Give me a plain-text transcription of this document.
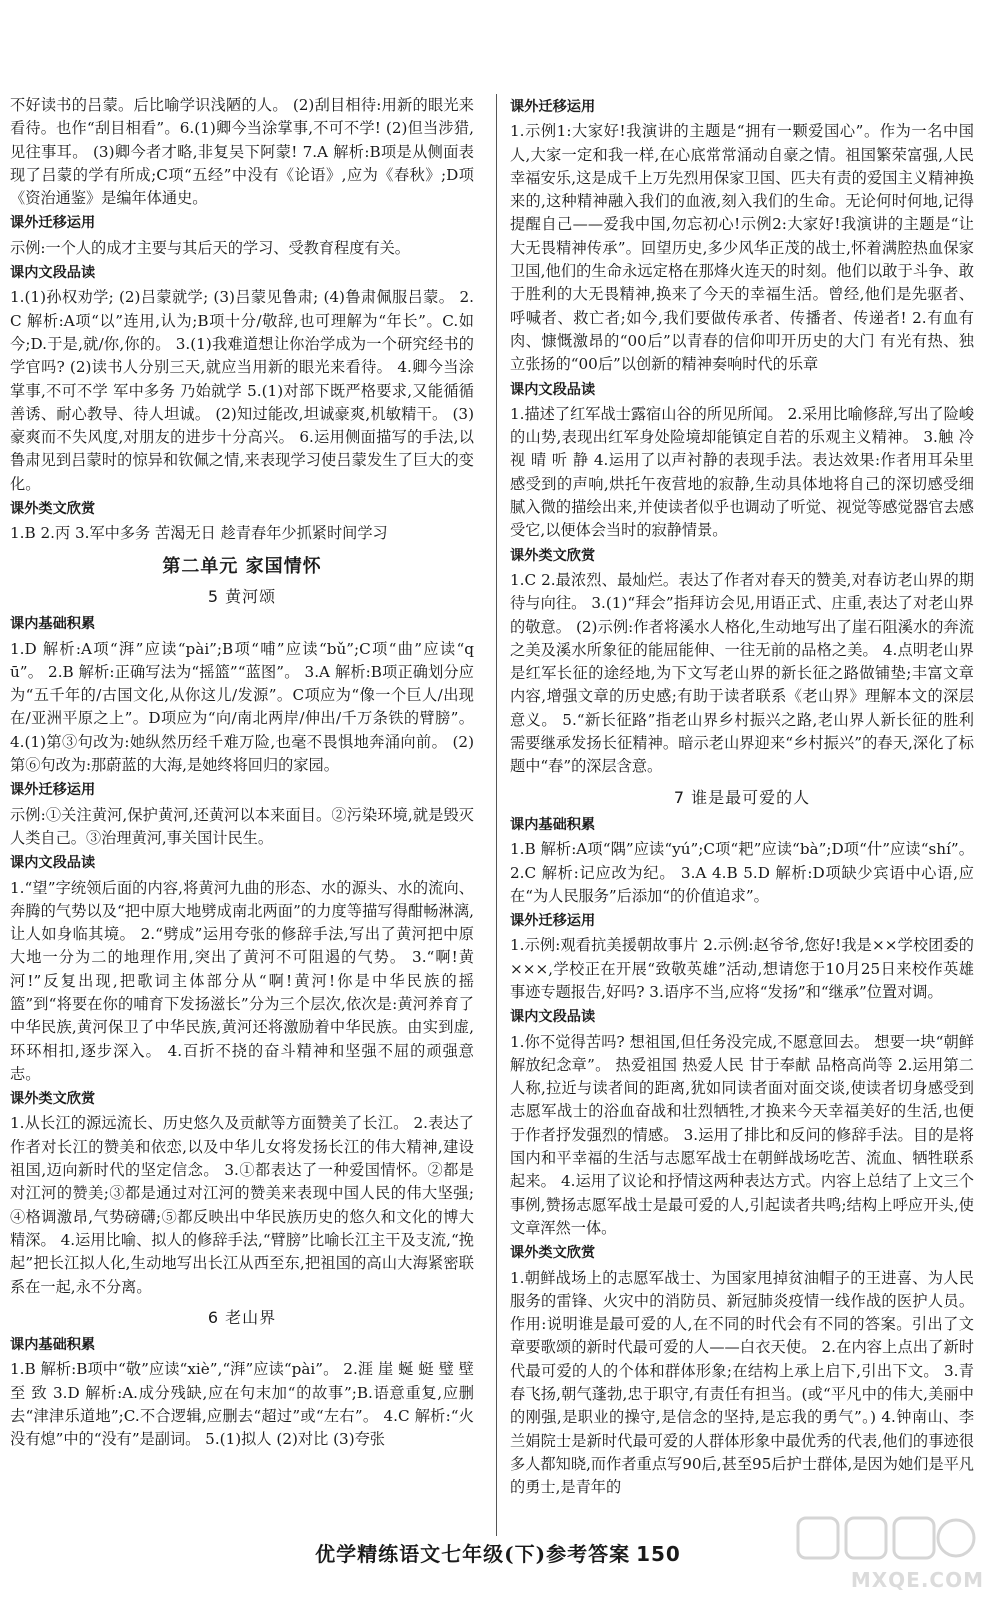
不好读书的吕蒙。后比喻学识浅陋的人。 (2)刮目相待:用新的眼光来看待。也作“刮目相看”。6.(1)卿今当涂掌事,不可不学! (2)但当涉猎,见往事耳。 (3)卿今者才略,非复吴下阿蒙! 7.A 解析:B项是从侧面表现了吕蒙的学有所成;C项“五经”中没有《论语》,应为《春秋》;D项《资治通鉴》是编年体通史。
课外迁移运用
示例:一个人的成才主要与其后天的学习、受教育程度有关。
课内文段品读
1.(1)孙权劝学; (2)吕蒙就学; (3)吕蒙见鲁肃; (4)鲁肃佩服吕蒙。 2.C 解析:A项“以”连用,认为;B项十分/敬辞,也可理解为“年长”。C.如今;D.于是,就/你,你的。 3.(1)我难道想让你治学成为一个研究经书的学官吗? (2)读书人分别三天,就应当用新的眼光来看待。 4.卿今当涂掌事,不可不学 军中多务 乃始就学 5.(1)对部下既严格要求,又能循循善诱、耐心教导、待人坦诚。 (2)知过能改,坦诚豪爽,机敏精干。 (3)豪爽而不失风度,对朋友的进步十分高兴。 6.运用侧面描写的手法,以鲁肃见到吕蒙时的惊异和钦佩之情,来表现学习使吕蒙发生了巨大的变化。
课外类文欣赏
1.B 2.丙 3.军中多务 苦渴无日 趁青春年少抓紧时间学习
第二单元 家国情怀
5 黄河颂
课内基础积累
1.D 解析:A项“湃”应读“pài”;B项“哺”应读“bǔ”;C项“曲”应读“qū”。 2.B 解析:正确写法为“摇篮”“蓝图”。 3.A 解析:B项正确划分应为“五千年的/古国文化,从你这儿/发源”。C项应为“像一个巨人/出现在/亚洲平原之上”。D项应为“向/南北两岸/伸出/千万条铁的臂膀”。 4.(1)第③句改为:她纵然历经千难万险,也毫不畏惧地奔涌向前。 (2)第⑥句改为:那蔚蓝的大海,是她终将回归的家园。
课外迁移运用
示例:①关注黄河,保护黄河,还黄河以本来面目。②污染环境,就是毁灭人类自己。③治理黄河,事关国计民生。
课内文段品读
1.“望”字统领后面的内容,将黄河九曲的形态、水的源头、水的流向、奔腾的气势以及“把中原大地劈成南北两面”的力度等描写得酣畅淋漓,让人如身临其境。 2.“劈成”运用夸张的修辞手法,写出了黄河把中原大地一分为二的地理作用,突出了黄河不可阻遏的气势。 3.“啊!黄河!”反复出现,把歌词主体部分从“啊!黄河!你是中华民族的摇篮”到“将要在你的哺育下发扬滋长”分为三个层次,依次是:黄河养育了中华民族,黄河保卫了中华民族,黄河还将激励着中华民族。由实到虚,环环相扣,逐步深入。 4.百折不挠的奋斗精神和坚强不屈的顽强意志。
课外类文欣赏
1.从长江的源远流长、历史悠久及贡献等方面赞美了长江。 2.表达了作者对长江的赞美和依恋,以及中华儿女将发扬长江的伟大精神,建设祖国,迈向新时代的坚定信念。 3.①都表达了一种爱国情怀。②都是对江河的赞美;③都是通过对江河的赞美来表现中国人民的伟大坚强;④格调激昂,气势磅礴;⑤都反映出中华民族历史的悠久和文化的博大精深。 4.运用比喻、拟人的修辞手法,“臂膀”比喻长江主干及支流,“挽起”把长江拟人化,生动地写出长江从西至东,把祖国的高山大海紧密联系在一起,永不分离。
6 老山界
课内基础积累
1.B 解析:B项中“敬”应读“xiè”,“湃”应读“pài”。 2.涯 崖 蜒 蜓 璧 壁 至 致 3.D 解析:A.成分残缺,应在句末加“的故事”;B.语意重复,应删去“津津乐道地”;C.不合逻辑,应删去“超过”或“左右”。 4.C 解析:“火没有熄”中的“没有”是副词。 5.(1)拟人 (2)对比 (3)夸张
课外迁移运用
1.示例1:大家好!我演讲的主题是“拥有一颗爱国心”。作为一名中国人,大家一定和我一样,在心底常常涌动自豪之情。祖国繁荣富强,人民幸福安乐,这是成千上万先烈用保家卫国、匹夫有责的爱国主义精神换来的,这种精神融入我们的血液,刻入我们的生命。无论何时何地,记得提醒自己——爱我中国,勿忘初心!示例2:大家好!我演讲的主题是“让大无畏精神传承”。回望历史,多少风华正茂的战士,怀着满腔热血保家卫国,他们的生命永远定格在那烽火连天的时刻。他们以敢于斗争、敢于胜利的大无畏精神,换来了今天的幸福生活。曾经,他们是先驱者、呼喊者、救亡者;如今,我们要做传承者、传播者、传递者! 2.有血有肉、慷慨激昂的“00后”以青春的信仰叩开历史的大门 有光有热、独立张扬的“00后”以创新的精神奏响时代的乐章
课内文段品读
1.描述了红军战士露宿山谷的所见所闻。 2.采用比喻修辞,写出了险峻的山势,表现出红军身处险境却能镇定自若的乐观主义精神。 3.触 冷 视 晴 听 静 4.运用了以声衬静的表现手法。表达效果:作者用耳朵里感受到的声响,烘托午夜营地的寂静,生动具体地将自己的深切感受细腻入微的描绘出来,并使读者似乎也调动了听觉、视觉等感觉器官去感受它,以便体会当时的寂静情景。
课外类文欣赏
1.C 2.最浓烈、最灿烂。表达了作者对春天的赞美,对春访老山界的期待与向往。 3.(1)“拜会”指拜访会见,用语正式、庄重,表达了对老山界的敬意。 (2)示例:作者将溪水人格化,生动地写出了崖石阻溪水的奔流之美及溪水所象征的能屈能伸、一往无前的品格之美。 4.点明老山界是红军长征的途经地,为下文写老山界的新长征之路做铺垫;丰富文章内容,增强文章的历史感;有助于读者联系《老山界》理解本文的深层意义。 5.“新长征路”指老山界乡村振兴之路,老山界人新长征的胜利需要继承发扬长征精神。暗示老山界迎来“乡村振兴”的春天,深化了标题中“春”的深层含意。
7 谁是最可爱的人
课内基础积累
1.B 解析:A项“隅”应读“yú”;C项“耙”应读“bà”;D项“什”应读“shí”。 2.C 解析:记应改为纪。 3.A 4.B 5.D 解析:D项缺少宾语中心语,应在“为人民服务”后添加“的价值追求”。
课外迁移运用
1.示例:观看抗美援朝故事片 2.示例:赵爷爷,您好!我是××学校团委的×××,学校正在开展“致敬英雄”活动,想请您于10月25日来校作英雄事迹专题报告,好吗? 3.语序不当,应将“发扬”和“继承”位置对调。
课内文段品读
1.你不觉得苦吗? 想祖国,但任务没完成,不愿意回去。 想要一块“朝鲜解放纪念章”。 热爱祖国 热爱人民 甘于奉献 品格高尚等 2.运用第二人称,拉近与读者间的距离,犹如同读者面对面交谈,使读者切身感受到志愿军战士的浴血奋战和壮烈牺牲,才换来今天幸福美好的生活,也便于作者抒发强烈的情感。 3.运用了排比和反问的修辞手法。目的是将国内和平幸福的生活与志愿军战士在朝鲜战场吃苦、流血、牺牲联系起来。 4.运用了议论和抒情这两种表达方式。内容上总结了上文三个事例,赞扬志愿军战士是最可爱的人,引起读者共鸣;结构上呼应开头,使文章浑然一体。
课外类文欣赏
1.朝鲜战场上的志愿军战士、为国家甩掉贫油帽子的王进喜、为人民服务的雷锋、火灾中的消防员、新冠肺炎疫情一线作战的医护人员。 作用:说明谁是最可爱的人,在不同的时代会有不同的答案。引出了文章要歌颂的新时代最可爱的人——白衣天使。 2.在内容上点出了新时代最可爱的人的个体和群体形象;在结构上承上启下,引出下文。 3.青春飞扬,朝气蓬勃,忠于职守,有责任有担当。(或“平凡中的伟大,美丽中的刚强,是职业的操守,是信念的坚持,是忘我的勇气”。) 4.钟南山、李兰娟院士是新时代最可爱的人群体形象中最优秀的代表,他们的事迹很多人都知晓,而作者重点写90后,甚至95后护士群体,是因为她们是平凡的勇士,是青年的
优学精练语文七年级(下)参考答案 150
MXQE.COM
